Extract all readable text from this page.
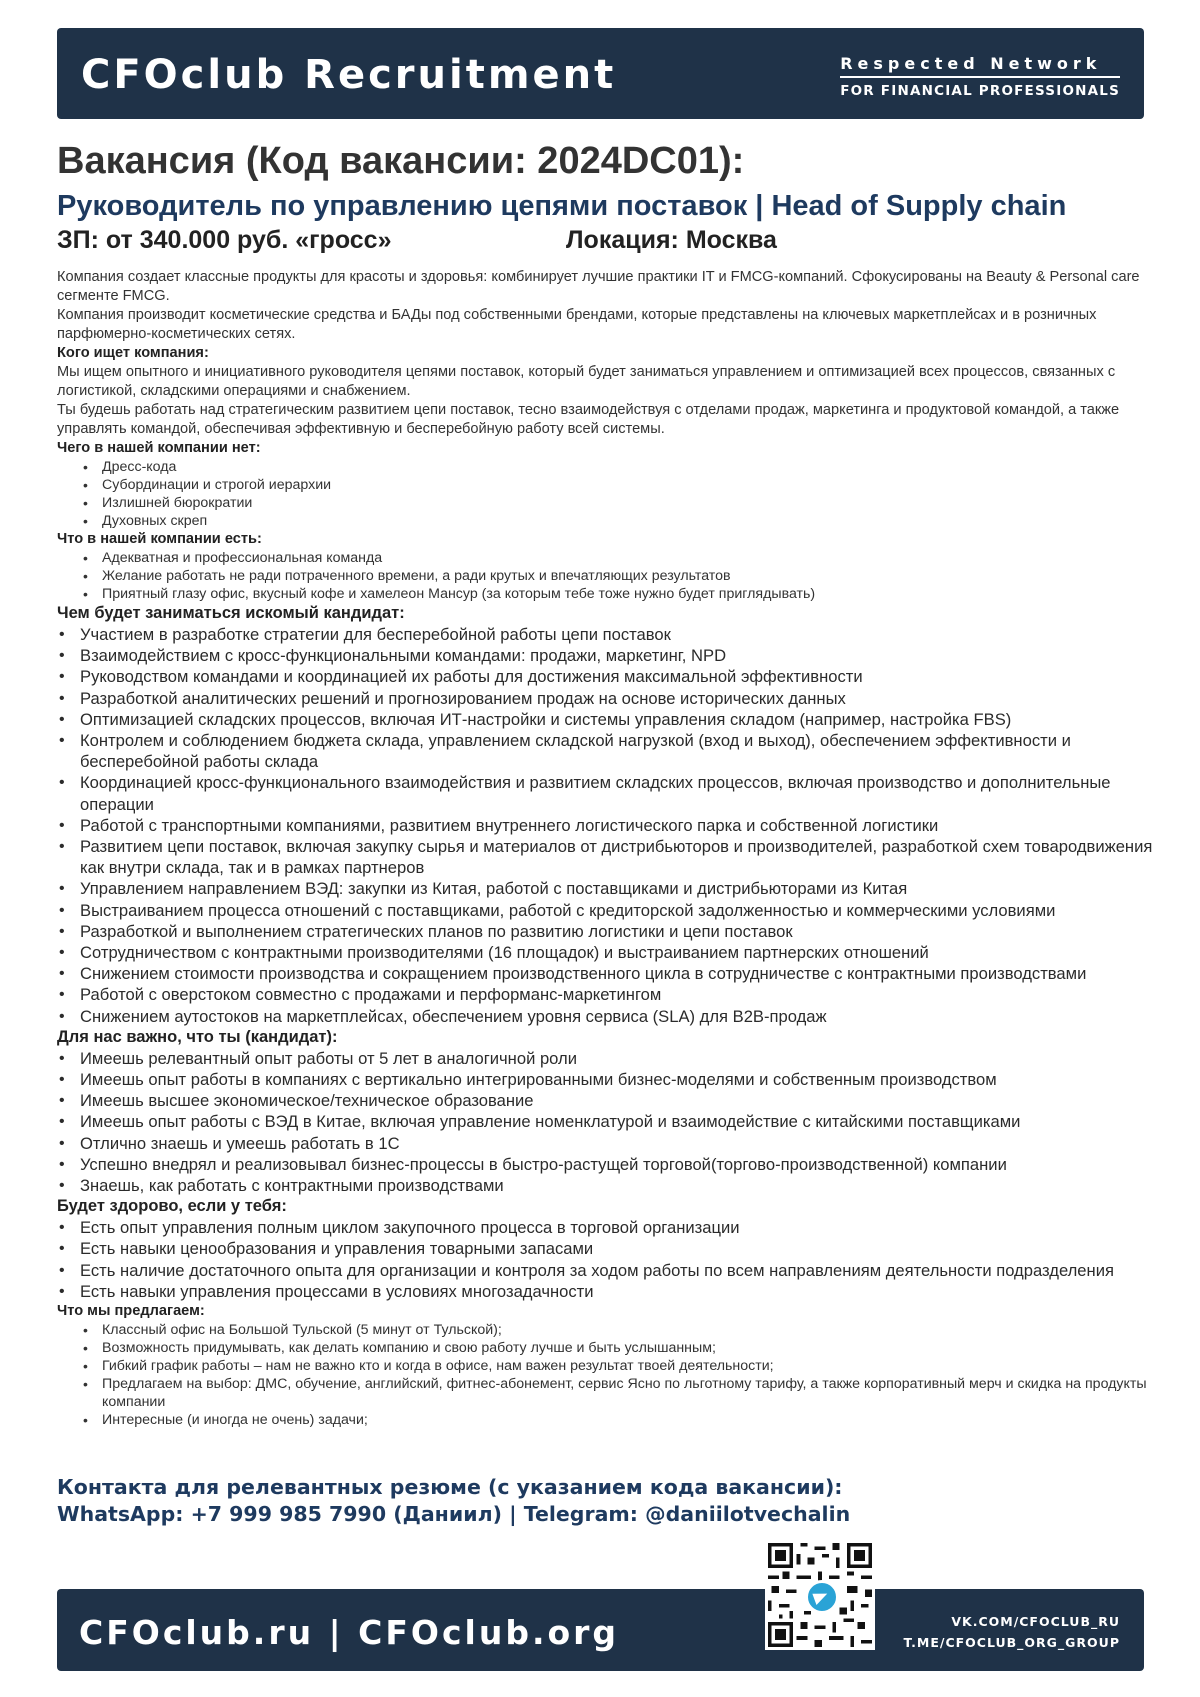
CFOclub Recruitment	Respected Network
FOR FINANCIAL PROFESSIONALS
Вакансия (Код вакансии: 2024DC01):
Руководитель по управлению цепями поставок | Head of Supply chain
ЗП: от 340.000 руб. «гросс»	Локация: Москва

Компания создает классные продукты для красоты и здоровья: комбинирует лучшие практики IT и FMCG-компаний. Сфокусированы на Beauty & Personal care сегменте FMCG.

Компания производит косметические средства и БАДы под собственными брендами, которые представлены на ключевых маркетплейсах и в розничных парфюмерно-косметических сетях.

Кого ищет компания:

Мы ищем опытного и инициативного руководителя цепями поставок, который будет заниматься управлением и оптимизацией всех процессов, связанных с логистикой, складскими операциями и снабжением.

Ты будешь работать над стратегическим развитием цепи поставок, тесно взаимодействуя с отделами продаж, маркетинга и продуктовой командой, а также управлять командой, обеспечивая эффективную и бесперебойную работу всей системы.

Чего в нашей компании нет:

• Дресс-кода
• Субординации и строгой иерархии
• Излишней бюрократии
• Духовных скреп

Что в нашей компании есть:

• Адекватная и профессиональная команда
• Желание работать не ради потраченного времени, а ради крутых и впечатляющих результатов
• Приятный глазу офис, вкусный кофе и хамелеон Мансур (за которым тебе тоже нужно будет приглядывать)

Чем будет заниматься искомый кандидат:

• Участием в разработке стратегии для бесперебойной работы цепи поставок
• Взаимодействием с кросс-функциональными командами: продажи, маркетинг, NPD
• Руководством командами и координацией их работы для достижения максимальной эффективности
• Разработкой аналитических решений и прогнозированием продаж на основе исторических данных
• Оптимизацией складских процессов, включая ИТ-настройки и системы управления складом (например, настройка FBS)
• Контролем и соблюдением бюджета склада, управлением складской нагрузкой (вход и выход), обеспечением эффективности и бесперебойной работы склада
• Координацией кросс-функционального взаимодействия и развитием складских процессов, включая производство и дополнительные операции
• Работой с транспортными компаниями, развитием внутреннего логистического парка и собственной логистики
• Развитием цепи поставок, включая закупку сырья и материалов от дистрибьюторов и производителей, разработкой схем товародвижения как внутри склада, так и в рамках партнеров
• Управлением направлением ВЭД: закупки из Китая, работой с поставщиками и дистрибьюторами из Китая
• Выстраиванием процесса отношений с поставщиками, работой с кредиторской задолженностью и коммерческими условиями
• Разработкой и выполнением стратегических планов по развитию логистики и цепи поставок
• Сотрудничеством с контрактными производителями (16 площадок) и выстраиванием партнерских отношений
• Снижением стоимости производства и сокращением производственного цикла в сотрудничестве с контрактными производствами
• Работой с оверстоком совместно с продажами и перформанс-маркетингом
• Снижением аутостоков на маркетплейсах, обеспечением уровня сервиса (SLA) для B2B-продаж

Для нас важно, что ты (кандидат):

• Имеешь релевантный опыт работы от 5 лет в аналогичной роли
• Имеешь опыт работы в компаниях с вертикально интегрированными бизнес-моделями и собственным производством
• Имеешь высшее экономическое/техническое образование
• Имеешь опыт работы с ВЭД в Китае, включая управление номенклатурой и взаимодействие с китайскими поставщиками
• Отлично знаешь и умеешь работать в 1С
• Успешно внедрял и реализовывал бизнес-процессы в быстро-растущей торговой(торгово-производственной) компании
• Знаешь, как работать с контрактными производствами

Будет здорово, если у тебя:

• Есть опыт управления полным циклом закупочного процесса в торговой организации
• Есть навыки ценообразования и управления товарными запасами
• Есть наличие достаточного опыта для организации и контроля за ходом работы по всем направлениям деятельности подразделения
• Есть навыки управления процессами в условиях многозадачности

Что мы предлагаем:

• Классный офис на Большой Тульской (5 минут от Тульской);
• Возможность придумывать, как делать компанию и свою работу лучше и быть услышанным;
• Гибкий график работы – нам не важно кто и когда в офисе, нам важен результат твоей деятельности;
• Предлагаем на выбор: ДМС, обучение, английский, фитнес-абонемент, сервис Ясно по льготному тарифу, а также корпоративный мерч и скидка на продукты компании
• Интересные (и иногда не очень) задачи;
Контакта для релевантных резюме (с указанием кода вакансии):
WhatsApp: +7 999 985 7990 (Даниил) | Telegram: @daniilotvechalin
CFOclub.ru | CFOclub.org	VK.COM/CFOCLUB_RU
T.ME/CFOCLUB_ORG_GROUP
